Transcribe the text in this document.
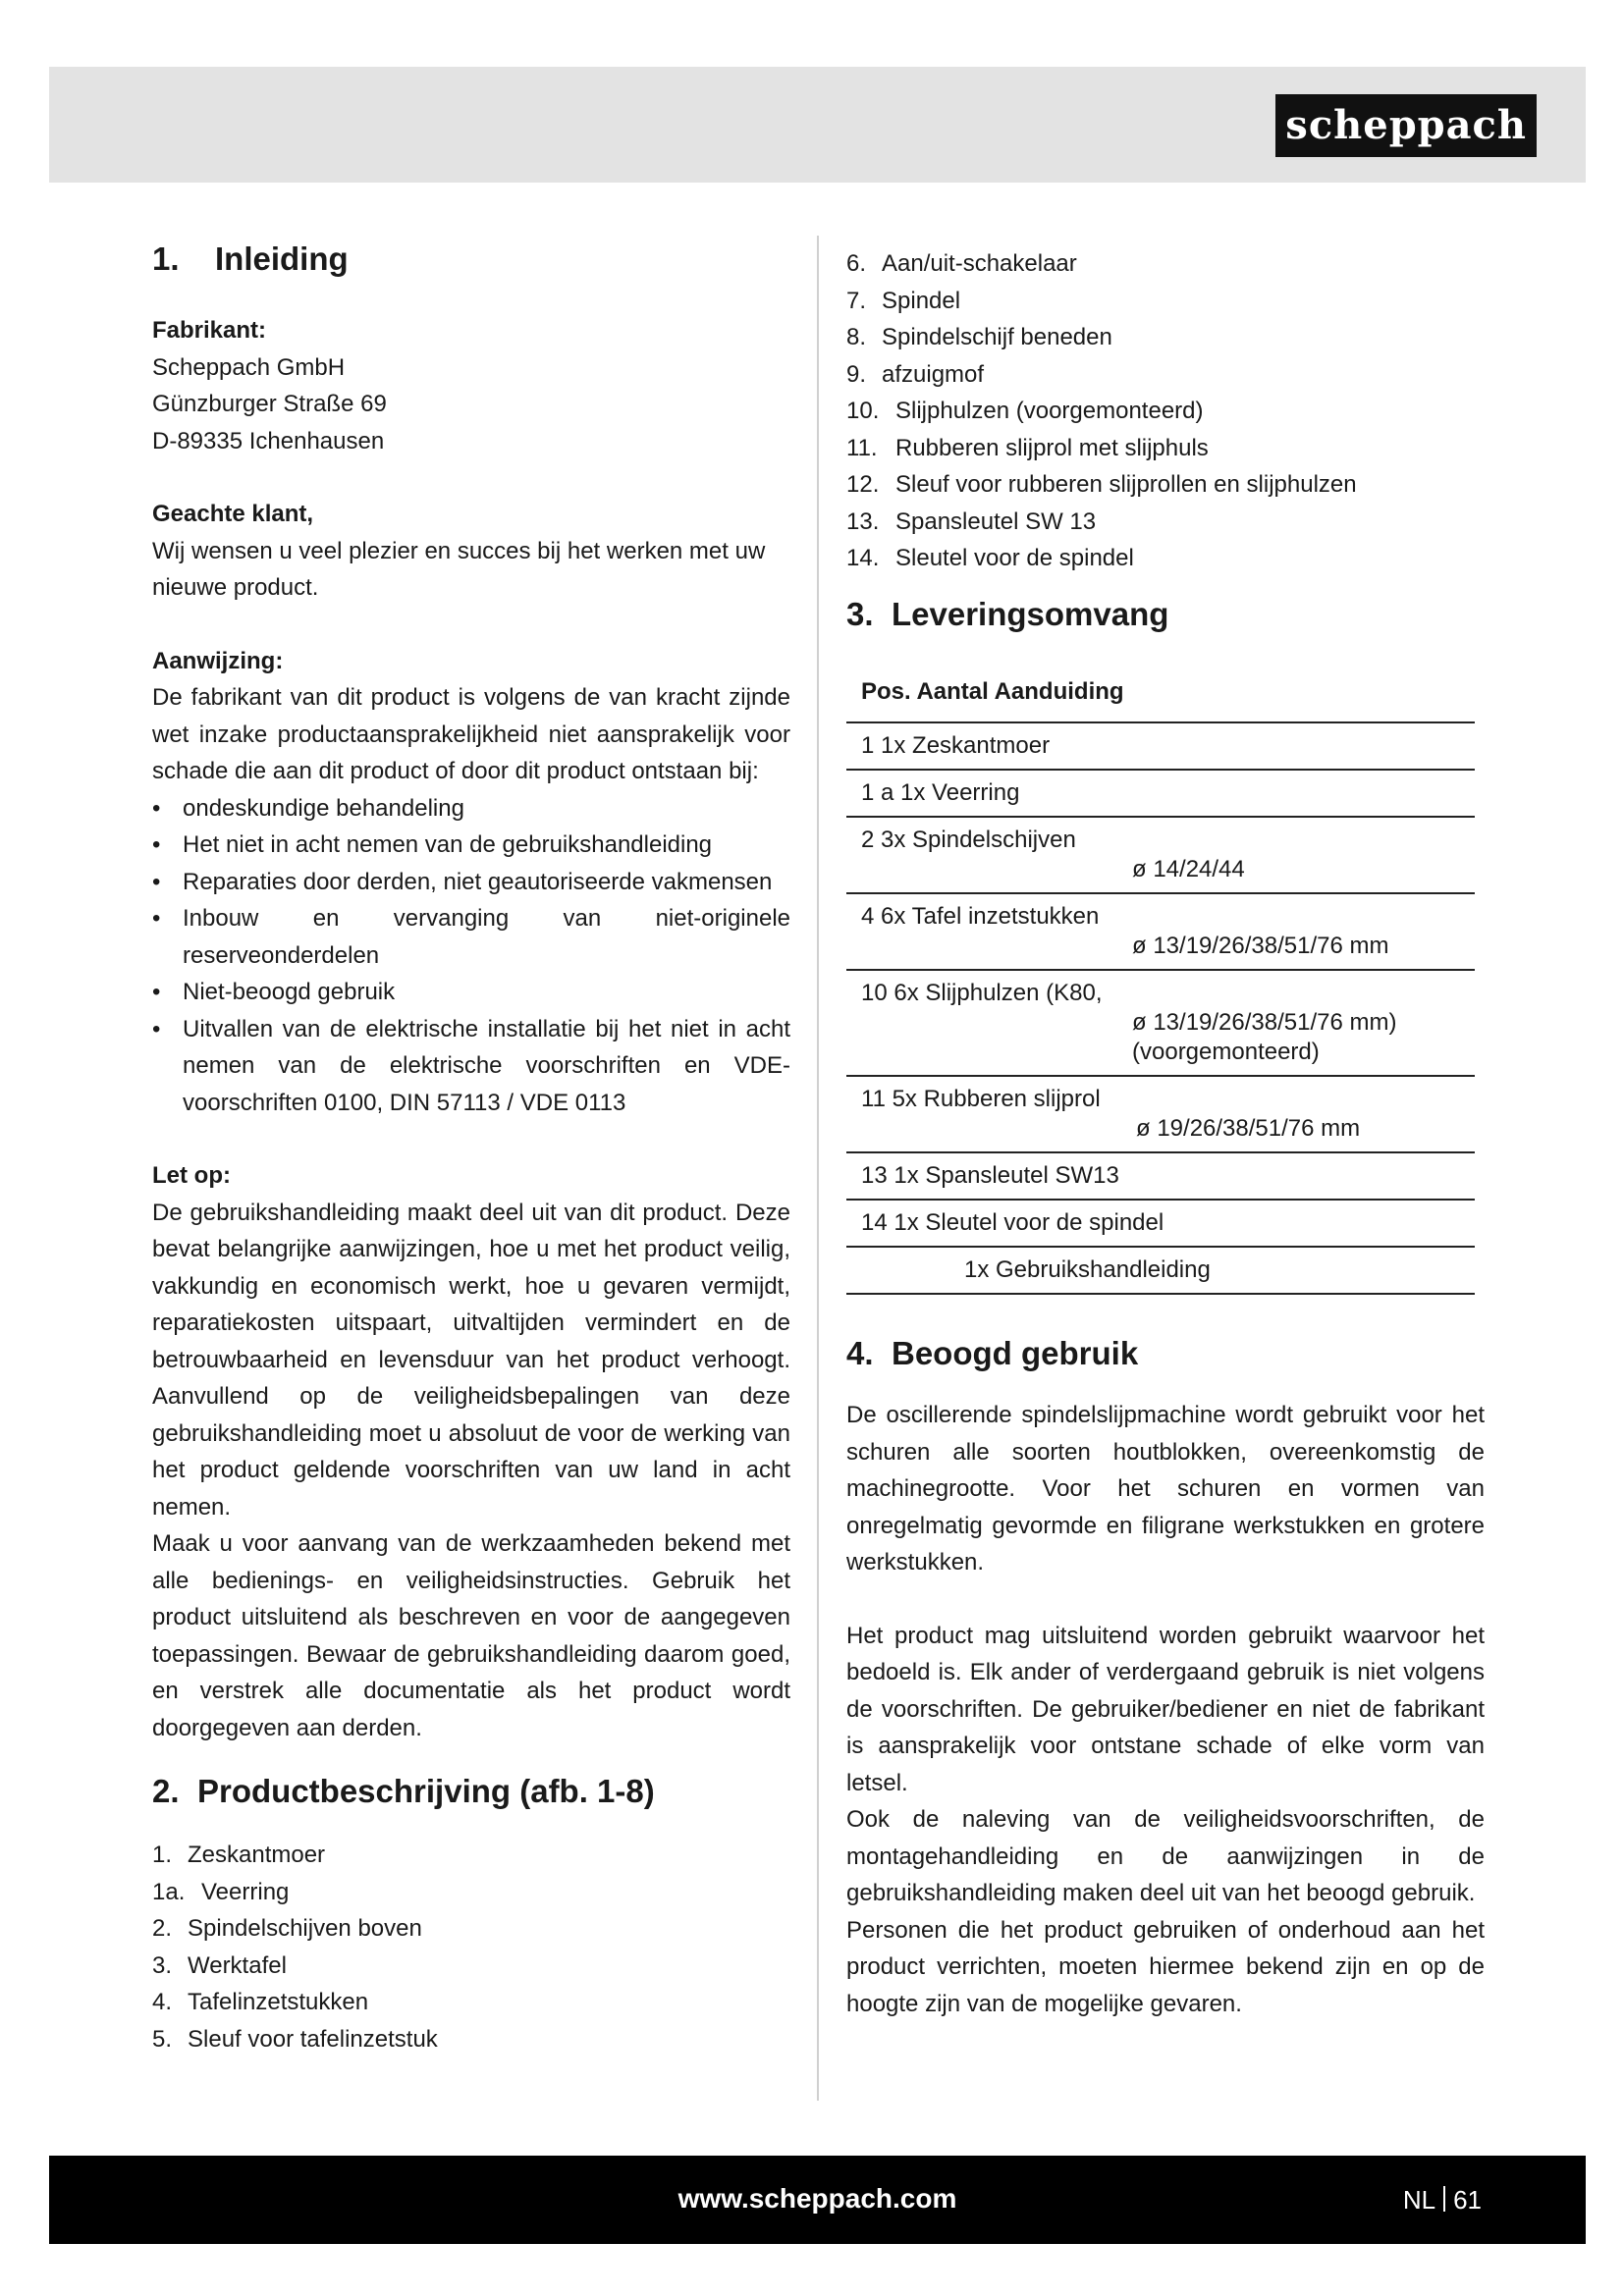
scheppach
1. Inleiding

Fabrikant:

Scheppach GmbH

Günzburger Straße 69

D-89335 Ichenhausen

Geachte klant,

Wij wensen u veel plezier en succes bij het werken met uw nieuwe product.

Aanwijzing:

De fabrikant van dit product is volgens de van kracht zijnde wet inzake productaansprakelijkheid niet aansprakelijk voor schade die aan dit product of door dit product ontstaan bij:

• ondeskundige behandeling
• Het niet in acht nemen van de gebruikshandleiding
• Reparaties door derden, niet geautoriseerde vakmensen
• Inbouw en vervanging van niet-originele reserveonderdelen
• Niet-beoogd gebruik
• Uitvallen van de elektrische installatie bij het niet in acht nemen van de elektrische voorschriften en VDE-voorschriften 0100, DIN 57113 / VDE 0113

Let op:

De gebruikshandleiding maakt deel uit van dit product. Deze bevat belangrijke aanwijzingen, hoe u met het product veilig, vakkundig en economisch werkt, hoe u gevaren vermijdt, reparatiekosten uitspaart, uitvaltijden vermindert en de betrouwbaarheid en levensduur van het product verhoogt. Aanvullend op de veiligheidsbepalingen van deze gebruikshandleiding moet u absoluut de voor de werking van het product geldende voorschriften van uw land in acht nemen.

Maak u voor aanvang van de werkzaamheden bekend met alle bedienings- en veiligheidsinstructies. Gebruik het product uitsluitend als beschreven en voor de aangegeven toepassingen. Bewaar de gebruikshandleiding daarom goed, en verstrek alle documentatie als het product wordt doorgegeven aan derden.

2. Productbeschrijving (afb. 1-8)
1. Zeskantmoer
1a. Veerring
2. Spindelschijven boven
3. Werktafel
4. Tafelinzetstukken
5. Sleuf voor tafelinzetstuk
6. Aan/uit-schakelaar
7. Spindel
8. Spindelschijf beneden
9. afzuigmof
10. Slijphulzen (voorgemonteerd)
11. Rubberen slijprol met slijphuls
12. Sleuf voor rubberen slijprollen en slijphulzen
13. Spansleutel SW 13
14. Sleutel voor de spindel
3. Leveringsomvang
Pos. Aantal Aanduiding
1 1x Zeskantmoer
1 a 1x Veerring
2 3x Spindelschijven
ø 14/24/44

4 6x Tafel inzetstukken
ø 13/19/26/38/51/76 mm

10 6x Slijphulzen (K80,
ø 13/19/26/38/51/76 mm)
(voorgemonteerd)

11 5x Rubberen slijprol
ø 19/26/38/51/76 mm

13 1x Spansleutel SW13
14 1x Sleutel voor de spindel

1x Gebruikshandleiding
4. Beoogd gebruik

De oscillerende spindelslijpmachine wordt gebruikt voor het schuren alle soorten houtblokken, overeenkomstig de machinegrootte. Voor het schuren en vormen van onregelmatig gevormde en filigrane werkstukken en grotere werkstukken.

Het product mag uitsluitend worden gebruikt waarvoor het bedoeld is. Elk ander of verdergaand gebruik is niet volgens de voorschriften. De gebruiker/bediener en niet de fabrikant is aansprakelijk voor ontstane schade of elke vorm van letsel.

Ook de naleving van de veiligheidsvoorschriften, de montagehandleiding en de aanwijzingen in de gebruikshandleiding maken deel uit van het beoogd gebruik.

Personen die het product gebruiken of onderhoud aan het product verrichten, moeten hiermee bekend zijn en op de hoogte zijn van de mogelijke gevaren.

www.scheppach.com	NL 61
